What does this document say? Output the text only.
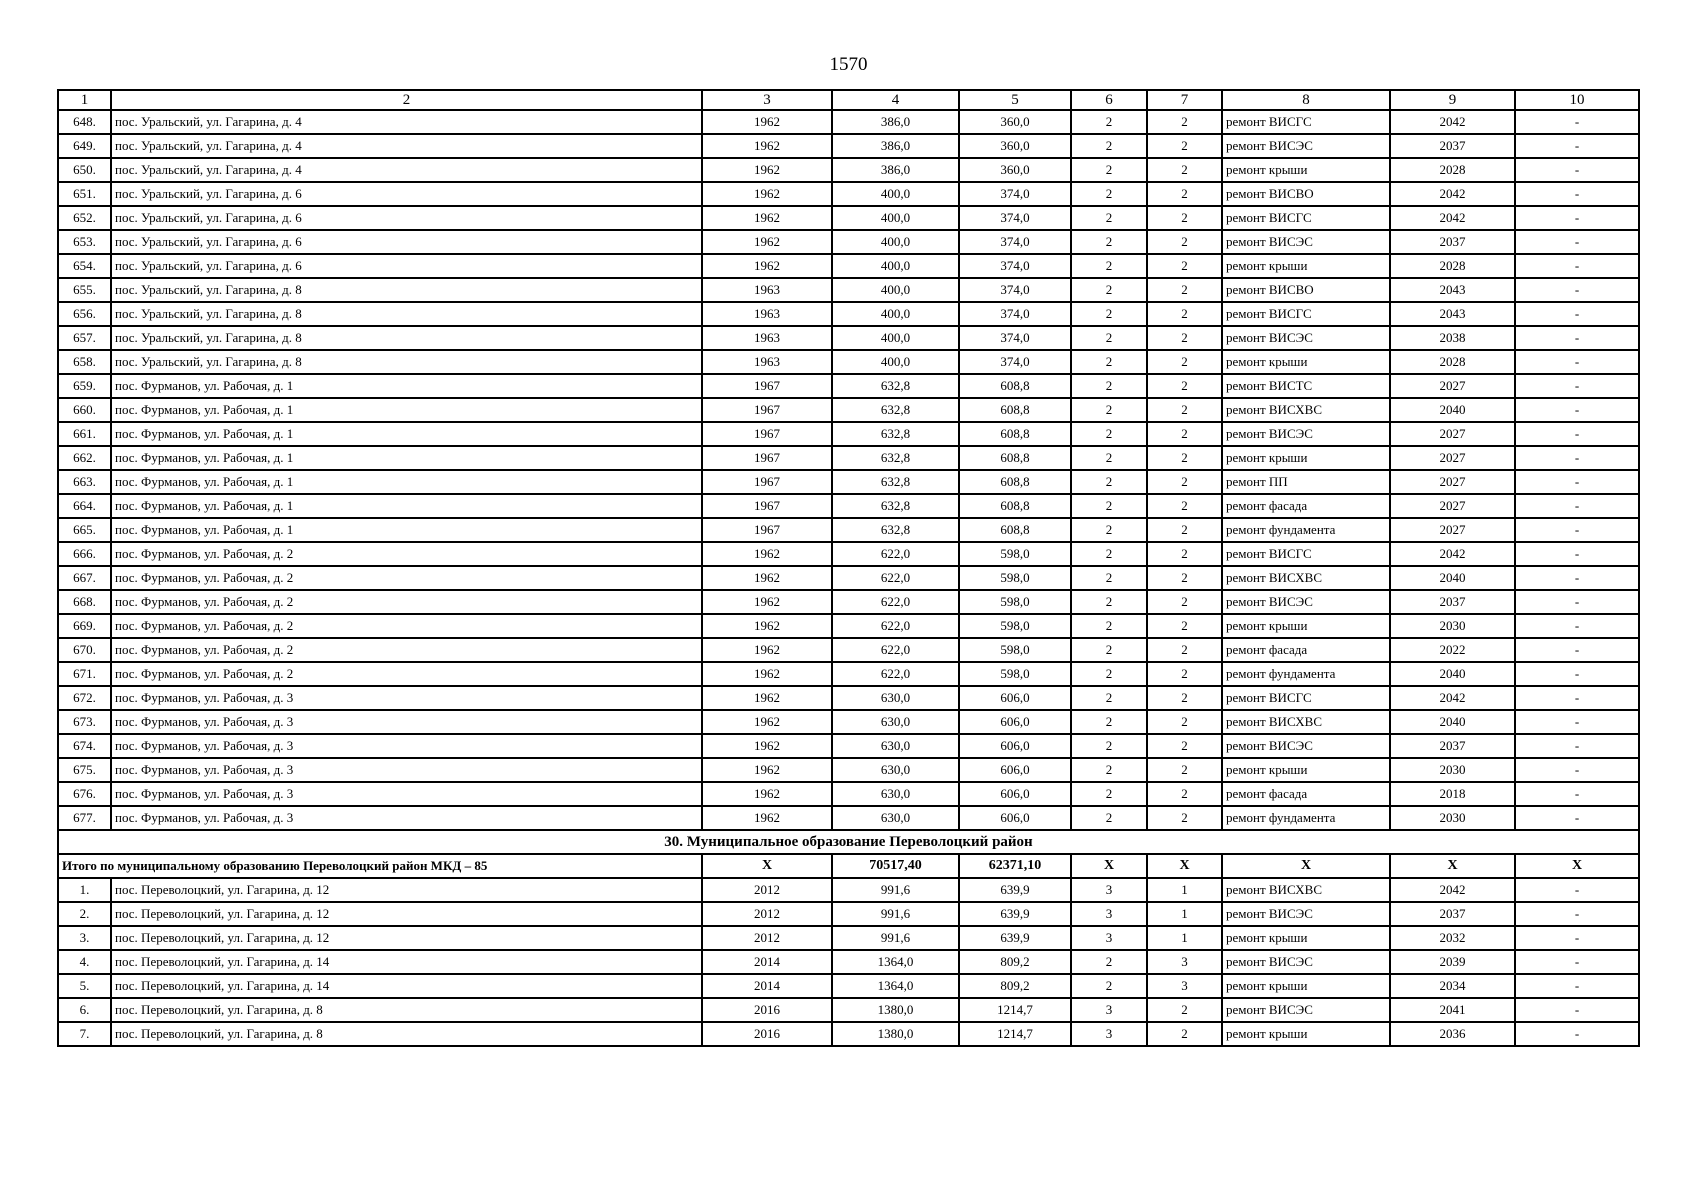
1570
1	2	3	4	5	6	7	8	9	10
648.	пос. Уральский, ул. Гагарина, д. 4	1962	386,0	360,0	2	2	ремонт ВИСГС	2042	-
649.	пос. Уральский, ул. Гагарина, д. 4	1962	386,0	360,0	2	2	ремонт ВИСЭС	2037	-
650.	пос. Уральский, ул. Гагарина, д. 4	1962	386,0	360,0	2	2	ремонт крыши	2028	-
651.	пос. Уральский, ул. Гагарина, д. 6	1962	400,0	374,0	2	2	ремонт ВИСВО	2042	-
652.	пос. Уральский, ул. Гагарина, д. 6	1962	400,0	374,0	2	2	ремонт ВИСГС	2042	-
653.	пос. Уральский, ул. Гагарина, д. 6	1962	400,0	374,0	2	2	ремонт ВИСЭС	2037	-
654.	пос. Уральский, ул. Гагарина, д. 6	1962	400,0	374,0	2	2	ремонт крыши	2028	-
655.	пос. Уральский, ул. Гагарина, д. 8	1963	400,0	374,0	2	2	ремонт ВИСВО	2043	-
656.	пос. Уральский, ул. Гагарина, д. 8	1963	400,0	374,0	2	2	ремонт ВИСГС	2043	-
657.	пос. Уральский, ул. Гагарина, д. 8	1963	400,0	374,0	2	2	ремонт ВИСЭС	2038	-
658.	пос. Уральский, ул. Гагарина, д. 8	1963	400,0	374,0	2	2	ремонт крыши	2028	-
659.	пос. Фурманов, ул. Рабочая, д. 1	1967	632,8	608,8	2	2	ремонт ВИСТС	2027	-
660.	пос. Фурманов, ул. Рабочая, д. 1	1967	632,8	608,8	2	2	ремонт ВИСХВС	2040	-
661.	пос. Фурманов, ул. Рабочая, д. 1	1967	632,8	608,8	2	2	ремонт ВИСЭС	2027	-
662.	пос. Фурманов, ул. Рабочая, д. 1	1967	632,8	608,8	2	2	ремонт крыши	2027	-
663.	пос. Фурманов, ул. Рабочая, д. 1	1967	632,8	608,8	2	2	ремонт ПП	2027	-
664.	пос. Фурманов, ул. Рабочая, д. 1	1967	632,8	608,8	2	2	ремонт фасада	2027	-
665.	пос. Фурманов, ул. Рабочая, д. 1	1967	632,8	608,8	2	2	ремонт фундамента	2027	-
666.	пос. Фурманов, ул. Рабочая, д. 2	1962	622,0	598,0	2	2	ремонт ВИСГС	2042	-
667.	пос. Фурманов, ул. Рабочая, д. 2	1962	622,0	598,0	2	2	ремонт ВИСХВС	2040	-
668.	пос. Фурманов, ул. Рабочая, д. 2	1962	622,0	598,0	2	2	ремонт ВИСЭС	2037	-
669.	пос. Фурманов, ул. Рабочая, д. 2	1962	622,0	598,0	2	2	ремонт крыши	2030	-
670.	пос. Фурманов, ул. Рабочая, д. 2	1962	622,0	598,0	2	2	ремонт фасада	2022	-
671.	пос. Фурманов, ул. Рабочая, д. 2	1962	622,0	598,0	2	2	ремонт фундамента	2040	-
672.	пос. Фурманов, ул. Рабочая, д. 3	1962	630,0	606,0	2	2	ремонт ВИСГС	2042	-
673.	пос. Фурманов, ул. Рабочая, д. 3	1962	630,0	606,0	2	2	ремонт ВИСХВС	2040	-
674.	пос. Фурманов, ул. Рабочая, д. 3	1962	630,0	606,0	2	2	ремонт ВИСЭС	2037	-
675.	пос. Фурманов, ул. Рабочая, д. 3	1962	630,0	606,0	2	2	ремонт крыши	2030	-
676.	пос. Фурманов, ул. Рабочая, д. 3	1962	630,0	606,0	2	2	ремонт фасада	2018	-
677.	пос. Фурманов, ул. Рабочая, д. 3	1962	630,0	606,0	2	2	ремонт фундамента	2030	-
30. Муниципальное образование Переволоцкий район									
Итого по муниципальному образованию Переволоцкий район МКД – 85		Х	70517,40	62371,10	Х	Х	Х	Х	Х
1.	пос. Переволоцкий, ул. Гагарина, д. 12	2012	991,6	639,9	3	1	ремонт ВИСХВС	2042	-
2.	пос. Переволоцкий, ул. Гагарина, д. 12	2012	991,6	639,9	3	1	ремонт ВИСЭС	2037	-
3.	пос. Переволоцкий, ул. Гагарина, д. 12	2012	991,6	639,9	3	1	ремонт крыши	2032	-
4.	пос. Переволоцкий, ул. Гагарина, д. 14	2014	1364,0	809,2	2	3	ремонт ВИСЭС	2039	-
5.	пос. Переволоцкий, ул. Гагарина, д. 14	2014	1364,0	809,2	2	3	ремонт крыши	2034	-
6.	пос. Переволоцкий, ул. Гагарина, д. 8	2016	1380,0	1214,7	3	2	ремонт ВИСЭС	2041	-
7.	пос. Переволоцкий, ул. Гагарина, д. 8	2016	1380,0	1214,7	3	2	ремонт крыши	2036	-
